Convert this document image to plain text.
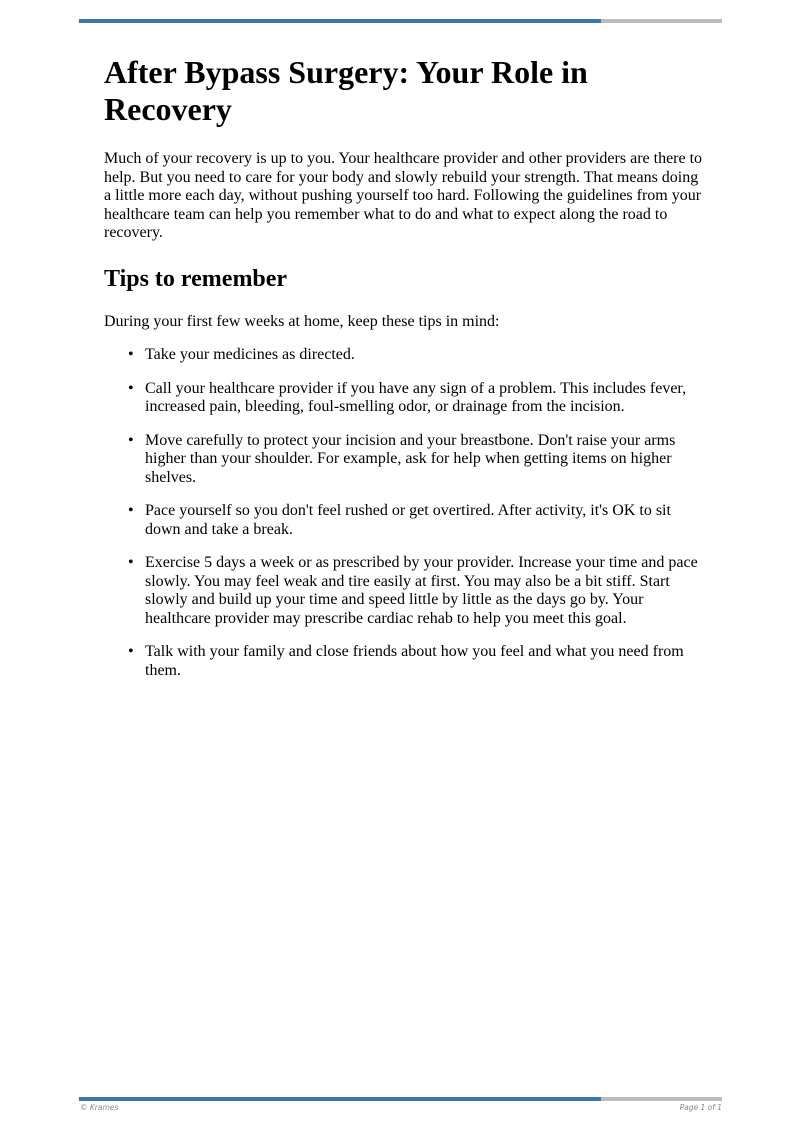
After Bypass Surgery: Your Role in Recovery

Much of your recovery is up to you. Your healthcare provider and other providers are there to help. But you need to care for your body and slowly rebuild your strength. That means doing a little more each day, without pushing yourself too hard. Following the guidelines from your healthcare team can help you remember what to do and what to expect along the road to recovery.

Tips to remember

During your first few weeks at home, keep these tips in mind:

• Take your medicines as directed.
• Call your healthcare provider if you have any sign of a problem. This includes fever, increased pain, bleeding, foul-smelling odor, or drainage from the incision.
• Move carefully to protect your incision and your breastbone. Don't raise your arms higher than your shoulder. For example, ask for help when getting items on higher shelves.
• Pace yourself so you don't feel rushed or get overtired. After activity, it's OK to sit down and take a break.
• Exercise 5 days a week or as prescribed by your provider. Increase your time and pace slowly. You may feel weak and tire easily at first. You may also be a bit stiff. Start slowly and build up your time and speed little by little as the days go by. Your healthcare provider may prescribe cardiac rehab to help you meet this goal.
• Talk with your family and close friends about how you feel and what you need from them.
© Krames	Page 1 of 1
